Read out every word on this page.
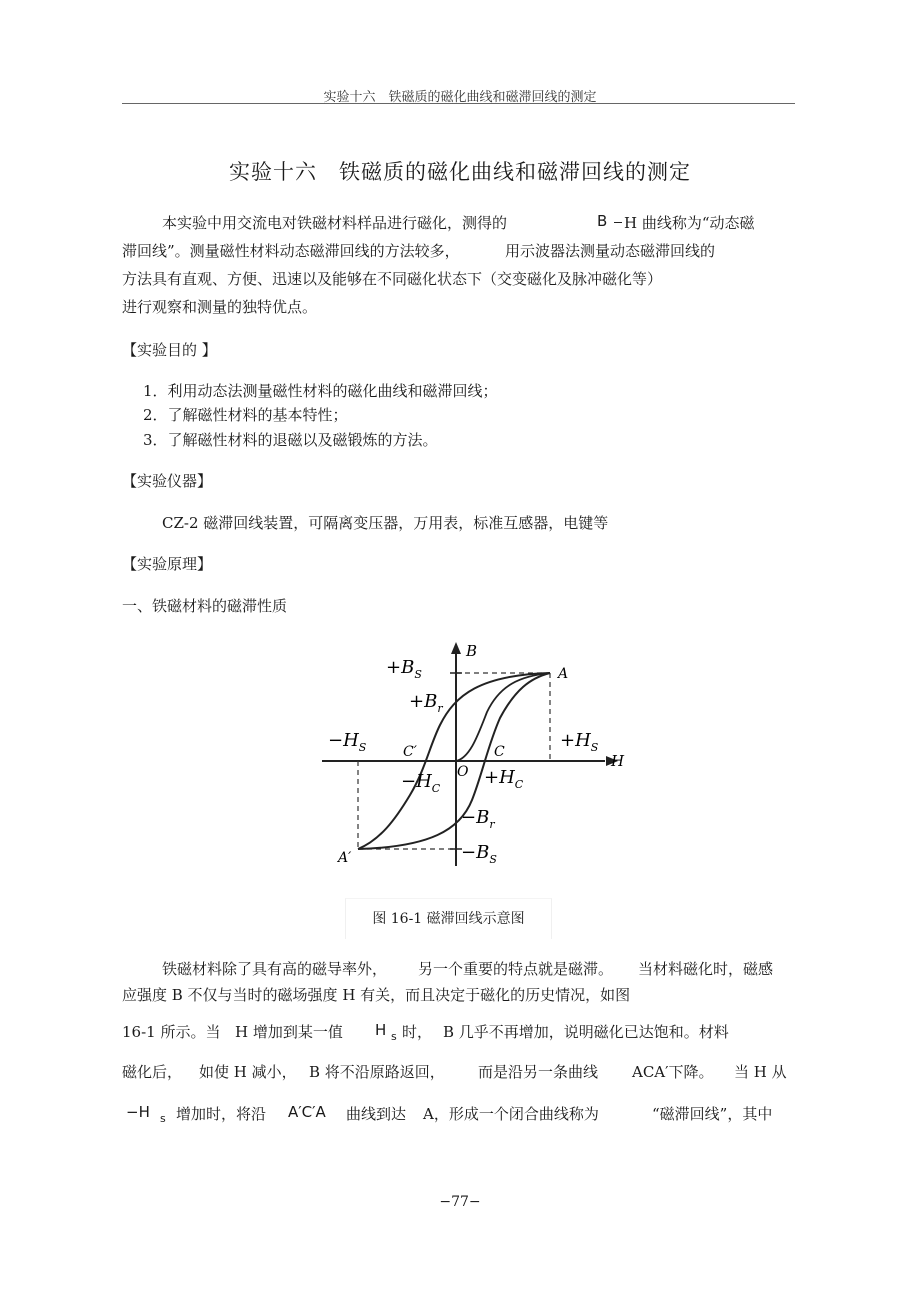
实验十六　铁磁质的磁化曲线和磁滞回线的测定
实验十六　铁磁质的磁化曲线和磁滞回线的测定
本实验中用交流电对铁磁材料样品进行磁化，测得的	B H 曲线称为“动态磁
滞回线”。测量磁性材料动态磁滞回线的方法较多，	用示波器法测量动态磁滞回线的
方法具有直观、方便、迅速以及能够在不同磁化状态下（交变磁化及脉冲磁化等）
进行观察和测量的独特优点。
【实验目的 】
1．利用动态法测量磁性材料的磁化曲线和磁滞回线；
2．了解磁性材料的基本特性；
3．了解磁性材料的退磁以及磁锻炼的方法。
【实验仪器】
CZ-2 磁滞回线装置，可隔离变压器，万用表，标准互感器，电键等
【实验原理】
一、铁磁材料的磁滞性质
B
H
A
A′
O
C
C′
$+B_S$
$+B_r$
$-H_S$	$+H_S$
$-H_C$
$+H_C$
$-B_r$
$-B_S$
图 16-1 磁滞回线示意图
铁磁材料除了具有高的磁导率外， 另一个重要的特点就是磁滞。 当材料磁化时，磁感
应强度 B 不仅与当时的磁场强度 H 有关，而且决定于磁化的历史情况，如图
16-1 所示。当 H 增加到某一值 H s 时， B 几乎不再增加，说明磁化已达饱和。材料
磁化后， 如使 H 减小， B 将不沿原路返回， 而是沿另一条曲线 ACA′下降。 当 H 从
−H s 增加时，将沿 A′C′A 曲线到达 A，形成一个闭合曲线称为	“磁滞回线”，其中
−77−
